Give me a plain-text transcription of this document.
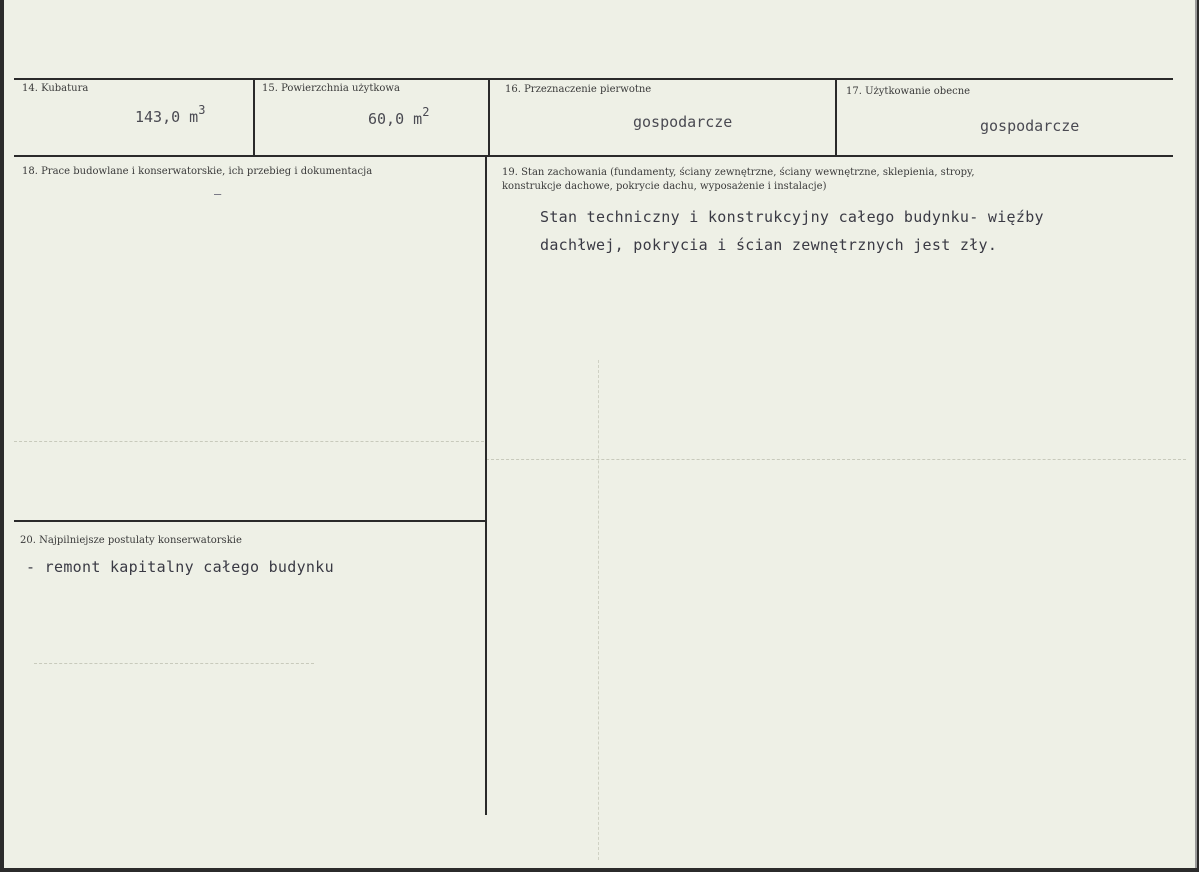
14. Kubatura
143,0 $m^3$
15. Powierzchnia użytkowa
60,0 $m^2$
16. Przeznaczenie pierwotne
gospodarcze
17. Użytkowanie obecne
gospodarcze
18. Prace budowlane i konserwatorskie, ich przebieg i dokumentacja
–
19. Stan zachowania (fundamenty, ściany zewnętrzne, ściany wewnętrzne, sklepienia, stropy,
konstrukcje dachowe, pokrycie dachu, wyposażenie i instalacje)
Stan techniczny i konstrukcyjny całego budynku- więźby
dachłwej, pokrycia i ścian zewnętrznych jest zły.
20. Najpilniejsze postulaty konserwatorskie
- remont kapitalny całego budynku
